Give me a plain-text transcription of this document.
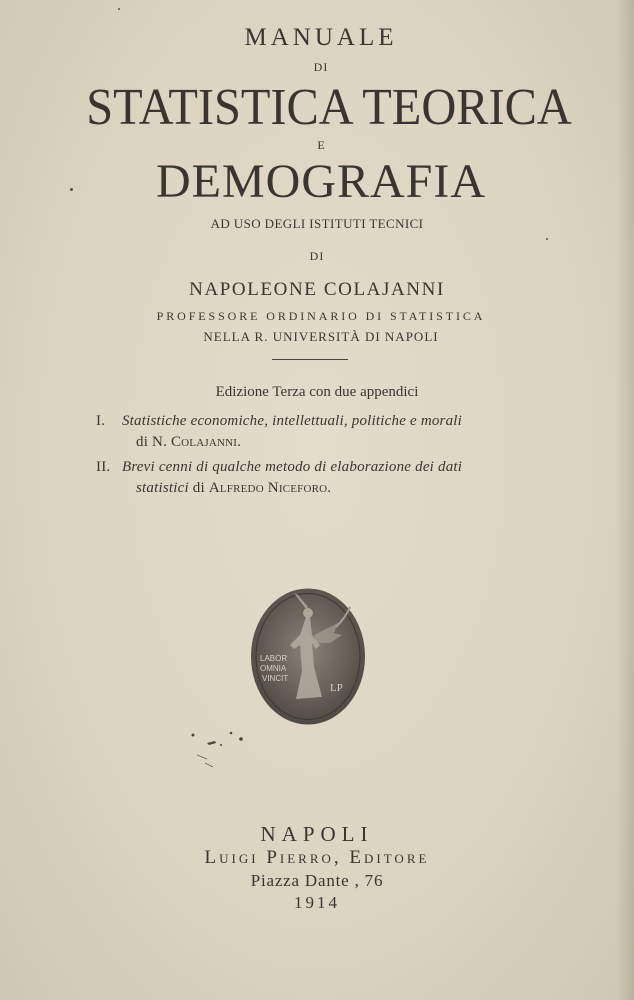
MANUALE
DI
STATISTICA TEORICA
E
DEMOGRAFIA
AD USO DEGLI ISTITUTI TECNICI
DI
NAPOLEONE COLAJANNI
PROFESSORE ORDINARIO DI STATISTICA
NELLA R. UNIVERSITÀ DI NAPOLI
Edizione Terza con due appendici
I. Statistiche economiche, intellettuali, politiche e morali
di N. Colajanni.
II. Brevi cenni di qualche metodo di elaborazione dei dati
statistici di Alfredo Niceforo.
LABOR
OMNIA
VINCIT
LP
NAPOLI
Luigi Pierro, Editore
Piazza Dante , 76
1914
